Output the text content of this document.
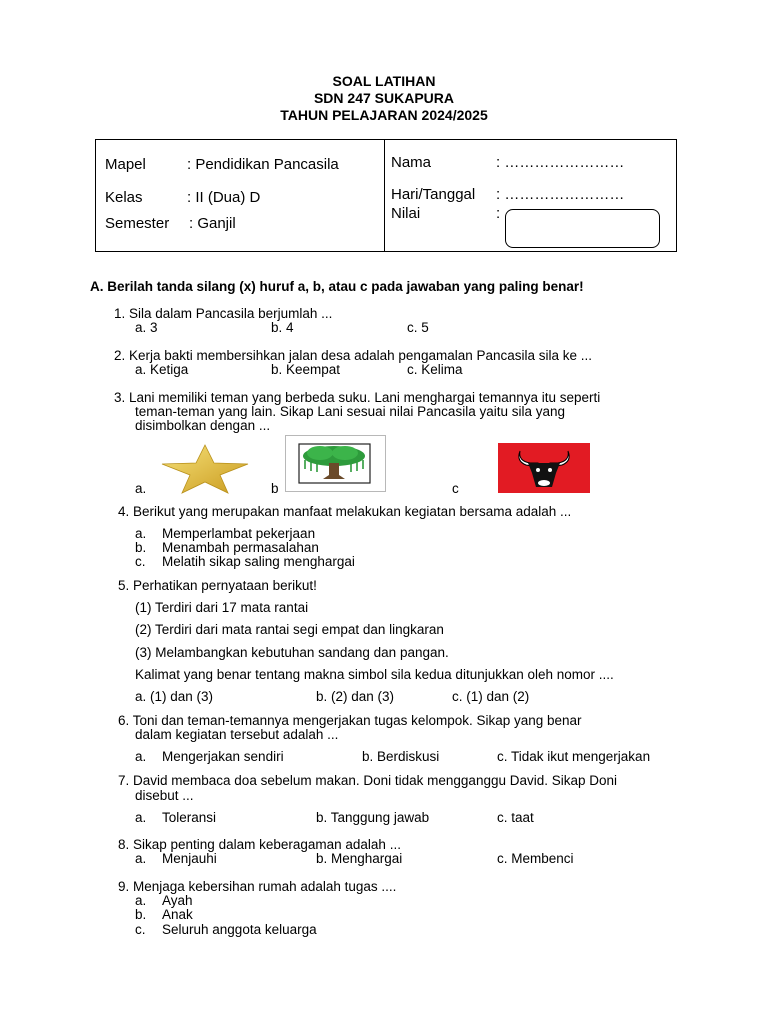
SOAL LATIHAN
SDN 247 SUKAPURA
TAHUN PELAJARAN 2024/2025
Mapel	: Pendidikan Pancasila
Kelas	: II (Dua) D
Semester : Ganjil
Nama	: ……………………
Hari/Tanggal : ……………………
Nilai	:
A. Berilah tanda silang (x) huruf a, b, atau c pada jawaban yang paling benar!
1. Sila dalam Pancasila berjumlah ...
a. 3	b. 4	c. 5
2. Kerja bakti membersihkan jalan desa adalah pengamalan Pancasila sila ke ...
a. Ketiga	b. Keempat	c. Kelima
3. Lani memiliki teman yang berbeda suku. Lani menghargai temannya itu seperti
teman-teman yang lain. Sikap Lani sesuai nilai Pancasila yaitu sila yang
disimbolkan dengan ...
a.	b	c
4. Berikut yang merupakan manfaat melakukan kegiatan bersama adalah ...
a. Memperlambat pekerjaan
b. Menambah permasalahan
c. Melatih sikap saling menghargai
5. Perhatikan pernyataan berikut!
(1) Terdiri dari 17 mata rantai
(2) Terdiri dari mata rantai segi empat dan lingkaran
(3) Melambangkan kebutuhan sandang dan pangan.
Kalimat yang benar tentang makna simbol sila kedua ditunjukkan oleh nomor ....
a. (1) dan (3)	b. (2) dan (3)	c. (1) dan (2)
6. Toni dan teman-temannya mengerjakan tugas kelompok. Sikap yang benar
dalam kegiatan tersebut adalah ...
a. Mengerjakan sendiri	b. Berdiskusi	c. Tidak ikut mengerjakan
7. David membaca doa sebelum makan. Doni tidak mengganggu David. Sikap Doni
disebut ...
a. Toleransi	b. Tanggung jawab	c. taat
8. Sikap penting dalam keberagaman adalah ...
a. Menjauhi	b. Menghargai	c. Membenci
9. Menjaga kebersihan rumah adalah tugas ....
a. Ayah
b. Anak
c. Seluruh anggota keluarga
